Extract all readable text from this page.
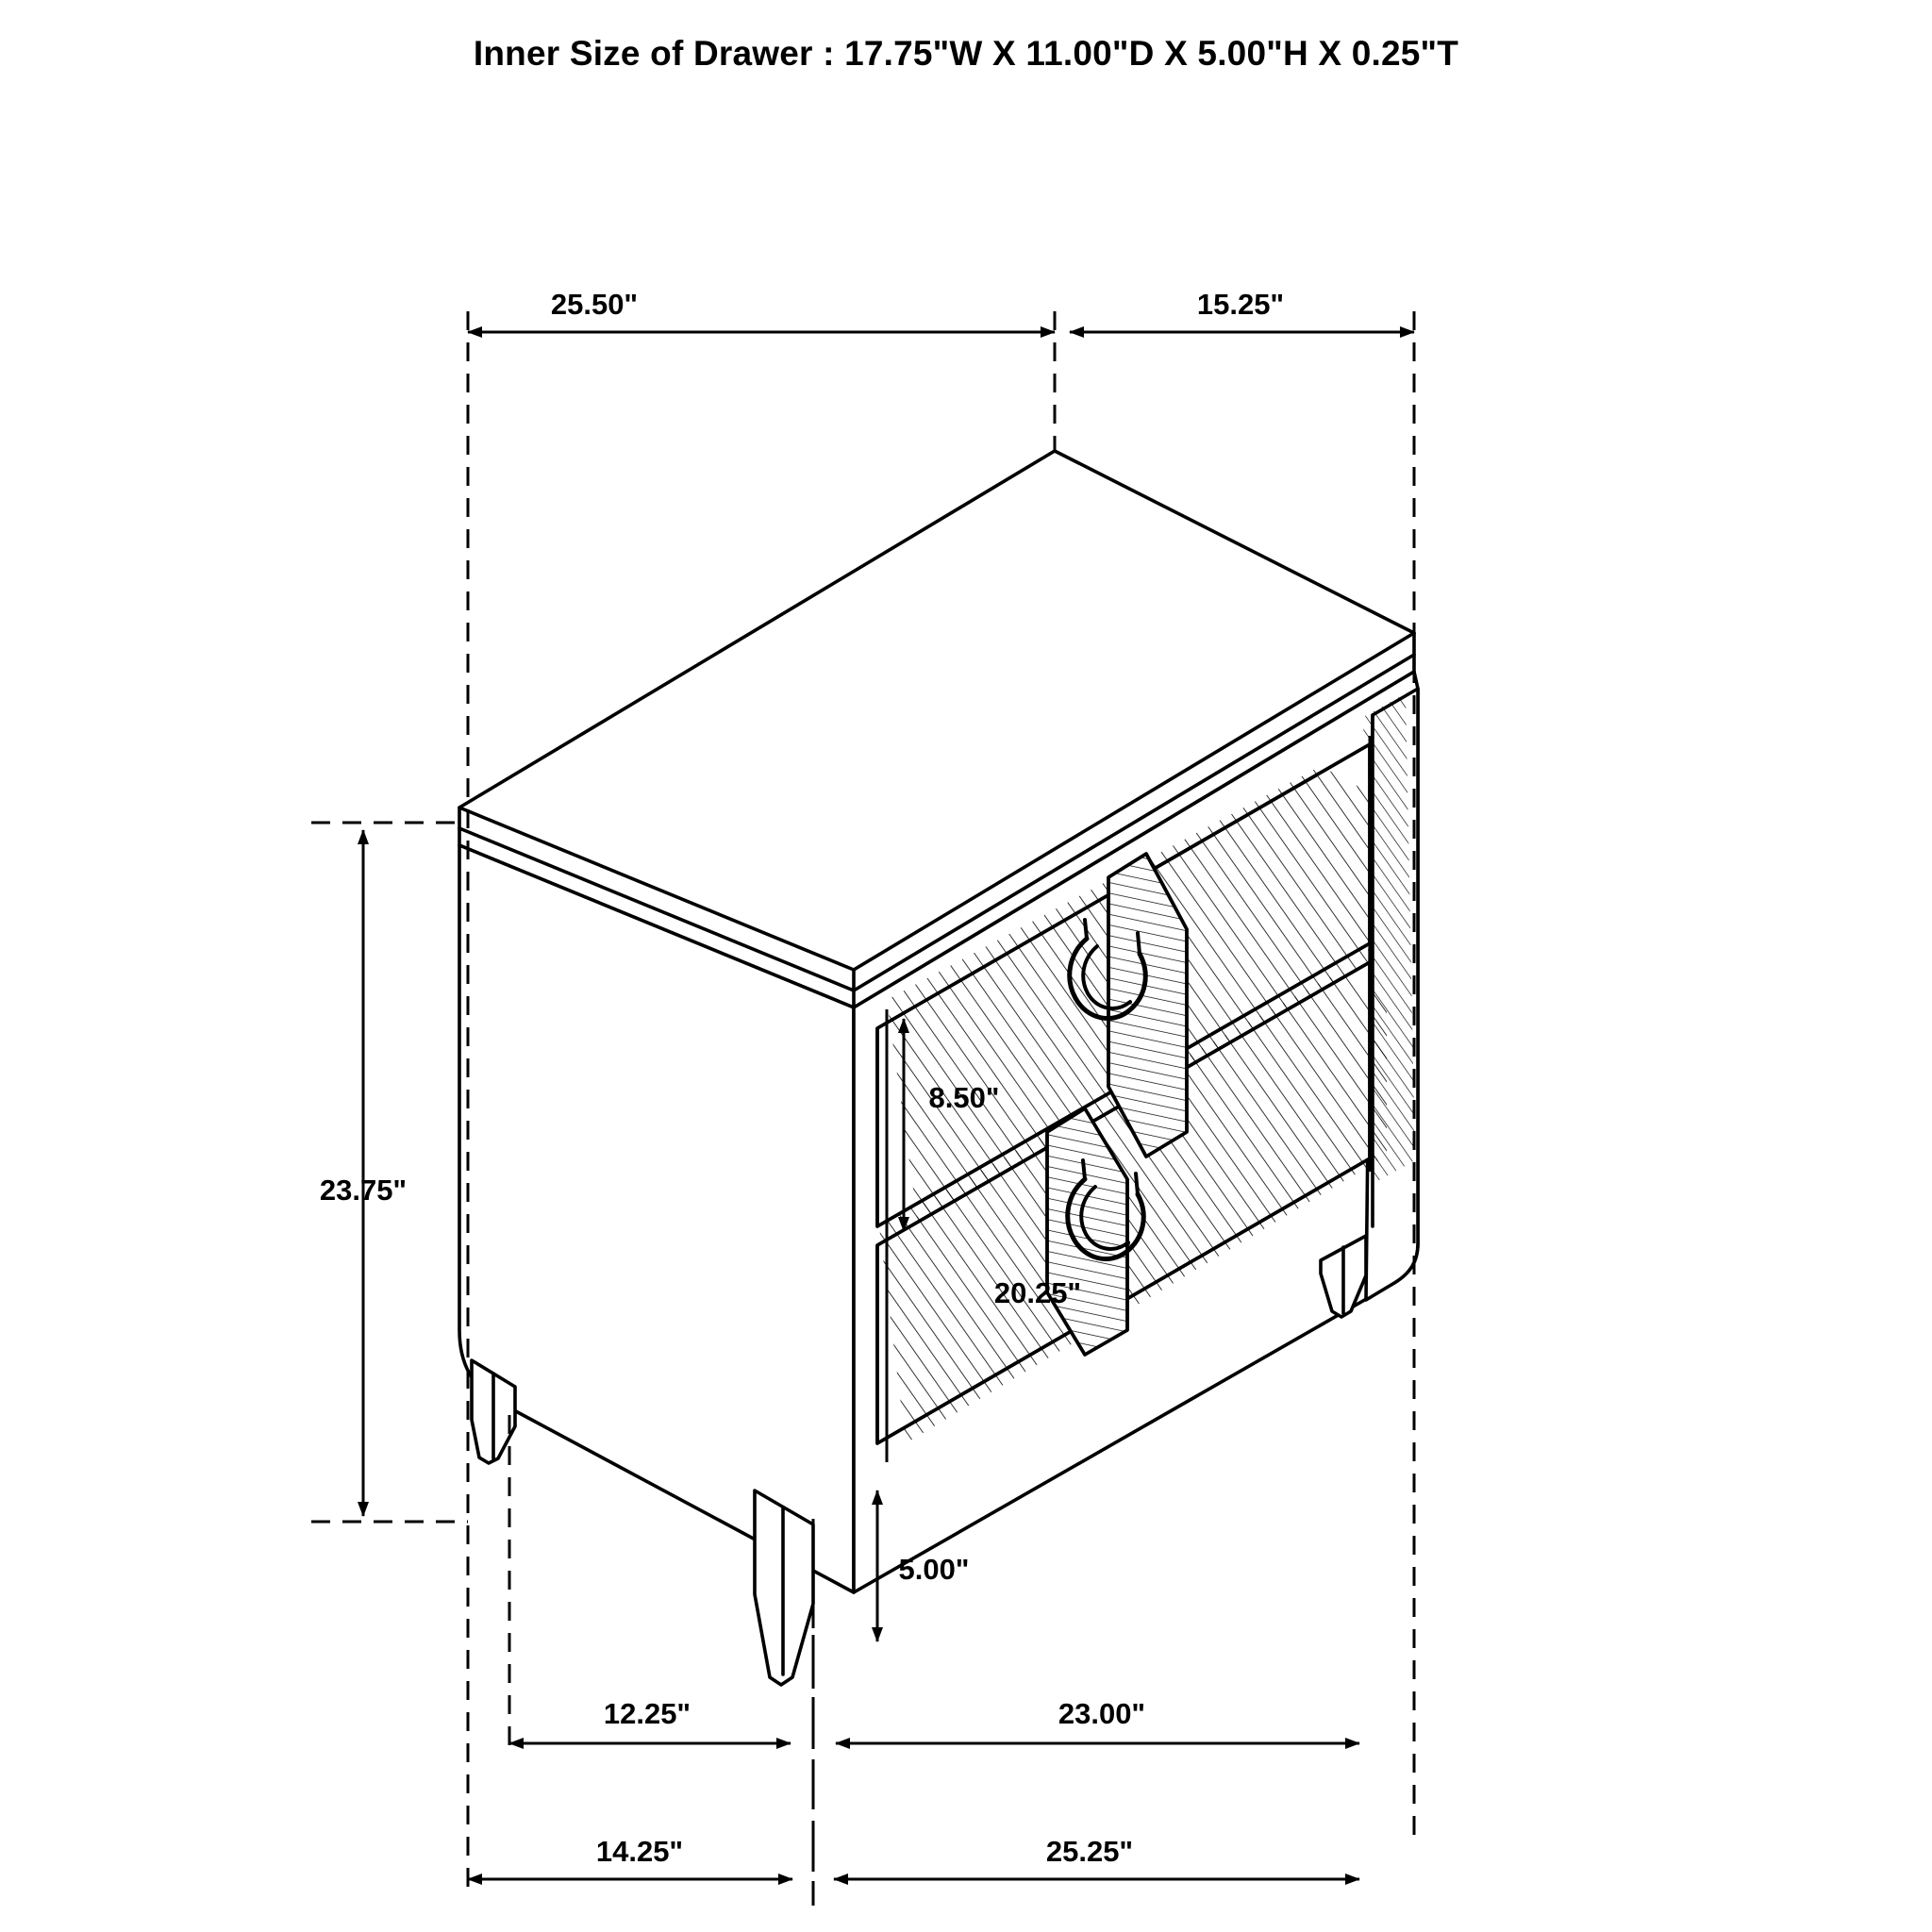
Inner Size of Drawer : 17.75"W X 11.00"D X 5.00"H X 0.25"T
25.50"	15.25"
23.75"
8.50"
20.25"
5.00"
12.25"	23.00"
14.25"	25.25"
